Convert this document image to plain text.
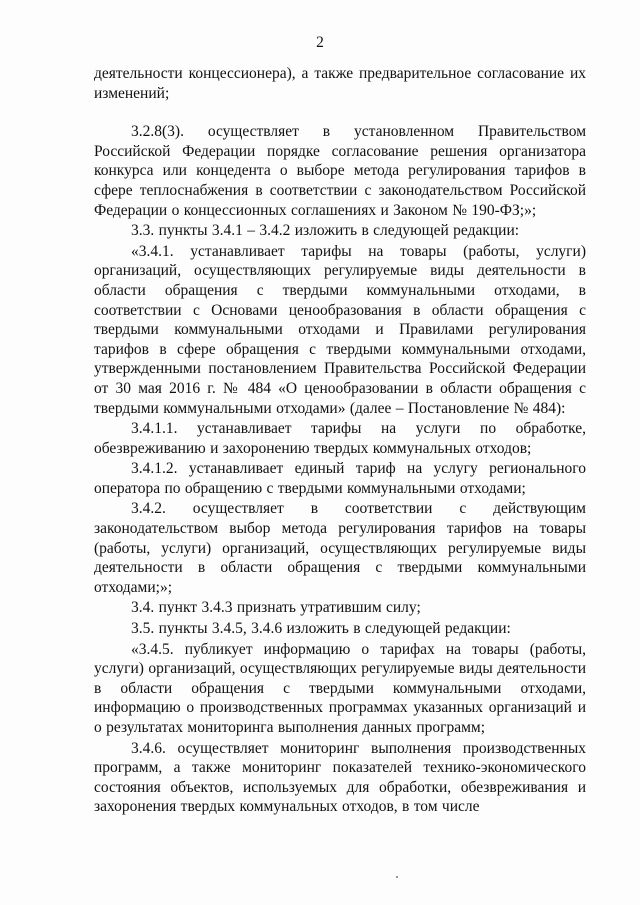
2

деятельности концессионера), а также предварительное согласование их изменений;

3.2.8(3). осуществляет в установленном Правительством Российской Федерации порядке согласование решения организатора конкурса или концедента о выборе метода регулирования тарифов в сфере теплоснабжения в соответствии с законодательством Российской Федерации о концессионных соглашениях и Законом № 190-ФЗ;»;

3.3. пункты 3.4.1 – 3.4.2 изложить в следующей редакции:

«3.4.1. устанавливает тарифы на товары (работы, услуги) организаций, осуществляющих регулируемые виды деятельности в области обращения с твердыми коммунальными отходами, в соответствии с Основами ценообразования в области обращения с твердыми коммунальными отходами и Правилами регулирования тарифов в сфере обращения с твердыми коммунальными отходами, утвержденными постановлением Правительства Российской Федерации от 30 мая 2016 г. № 484 «О ценообразовании в области обращения с твердыми коммунальными отходами» (далее – Постановление № 484):

3.4.1.1. устанавливает тарифы на услуги по обработке, обезвреживанию и захоронению твердых коммунальных отходов;

3.4.1.2. устанавливает единый тариф на услугу регионального оператора по обращению с твердыми коммунальными отходами;

3.4.2. осуществляет в соответствии с действующим законодательством выбор метода регулирования тарифов на товары (работы, услуги) организаций, осуществляющих регулируемые виды деятельности в области обращения с твердыми коммунальными отходами;»;

3.4. пункт 3.4.3 признать утратившим силу;

3.5. пункты 3.4.5, 3.4.6 изложить в следующей редакции:

«3.4.5. публикует информацию о тарифах на товары (работы, услуги) организаций, осуществляющих регулируемые виды деятельности в области обращения с твердыми коммунальными отходами, информацию о производственных программах указанных организаций и о результатах мониторинга выполнения данных программ;

3.4.6. осуществляет мониторинг выполнения производственных программ, а также мониторинг показателей технико-экономического состояния объектов, используемых для обработки, обезвреживания и захоронения твердых коммунальных отходов, в том числе
